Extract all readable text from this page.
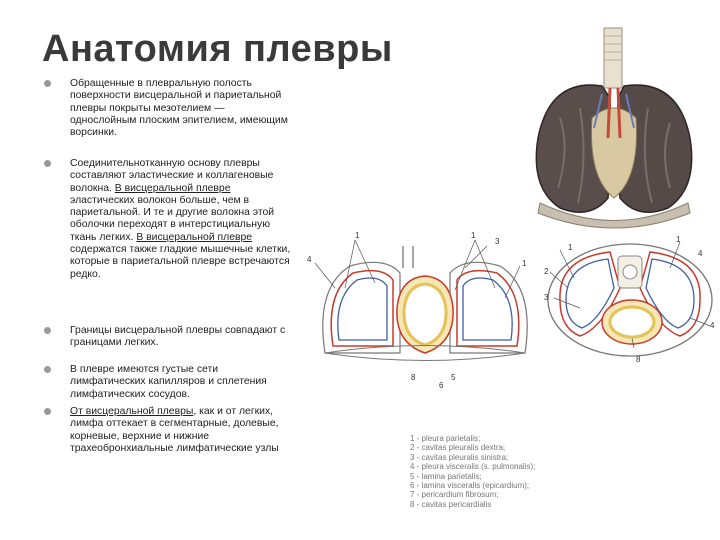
Анатомия плевры
Обращенные в плевральную полость поверхности висцеральной и париетальной плевры покрыты мезотелием — однослойным плоским эпителием, имеющим ворсинки.
Соединительнотканную основу плевры составляют эластические и коллагеновые волокна. В висцеральной плевре эластических волокон больше, чем в париетальной. И те и другие волокна этой оболочки переходят в интерстициальную ткань легких. В висцеральной плевре содержатся также гладкие мышечные клетки, которые в париетальной плевре встречаются редко.
Границы висцеральной плевры совпадают с границами легких.
В плевре имеются густые сети лимфатических капилляров и сплетения лимфатических сосудов.
От висцеральной плевры, как и от легких, лимфа оттекает в сегментарные, долевые, корневые, верхние и нижние трахеобронхиальные лимфатические узлы
1
4
1
3
1
8
6
5
1
1
2
3
4
4
8
1 - pleura parietalis;
2 - cavitas pleuralis dextra;
3 - cavitas pleuralis sinistra;
4 - pleura visceralis (s. pulmonalis);
5 - lamina parietalis;
6 - lamina visceralis (epicardium);
7 - pericardium fibrosum;
8 - cavitas pericardialis
